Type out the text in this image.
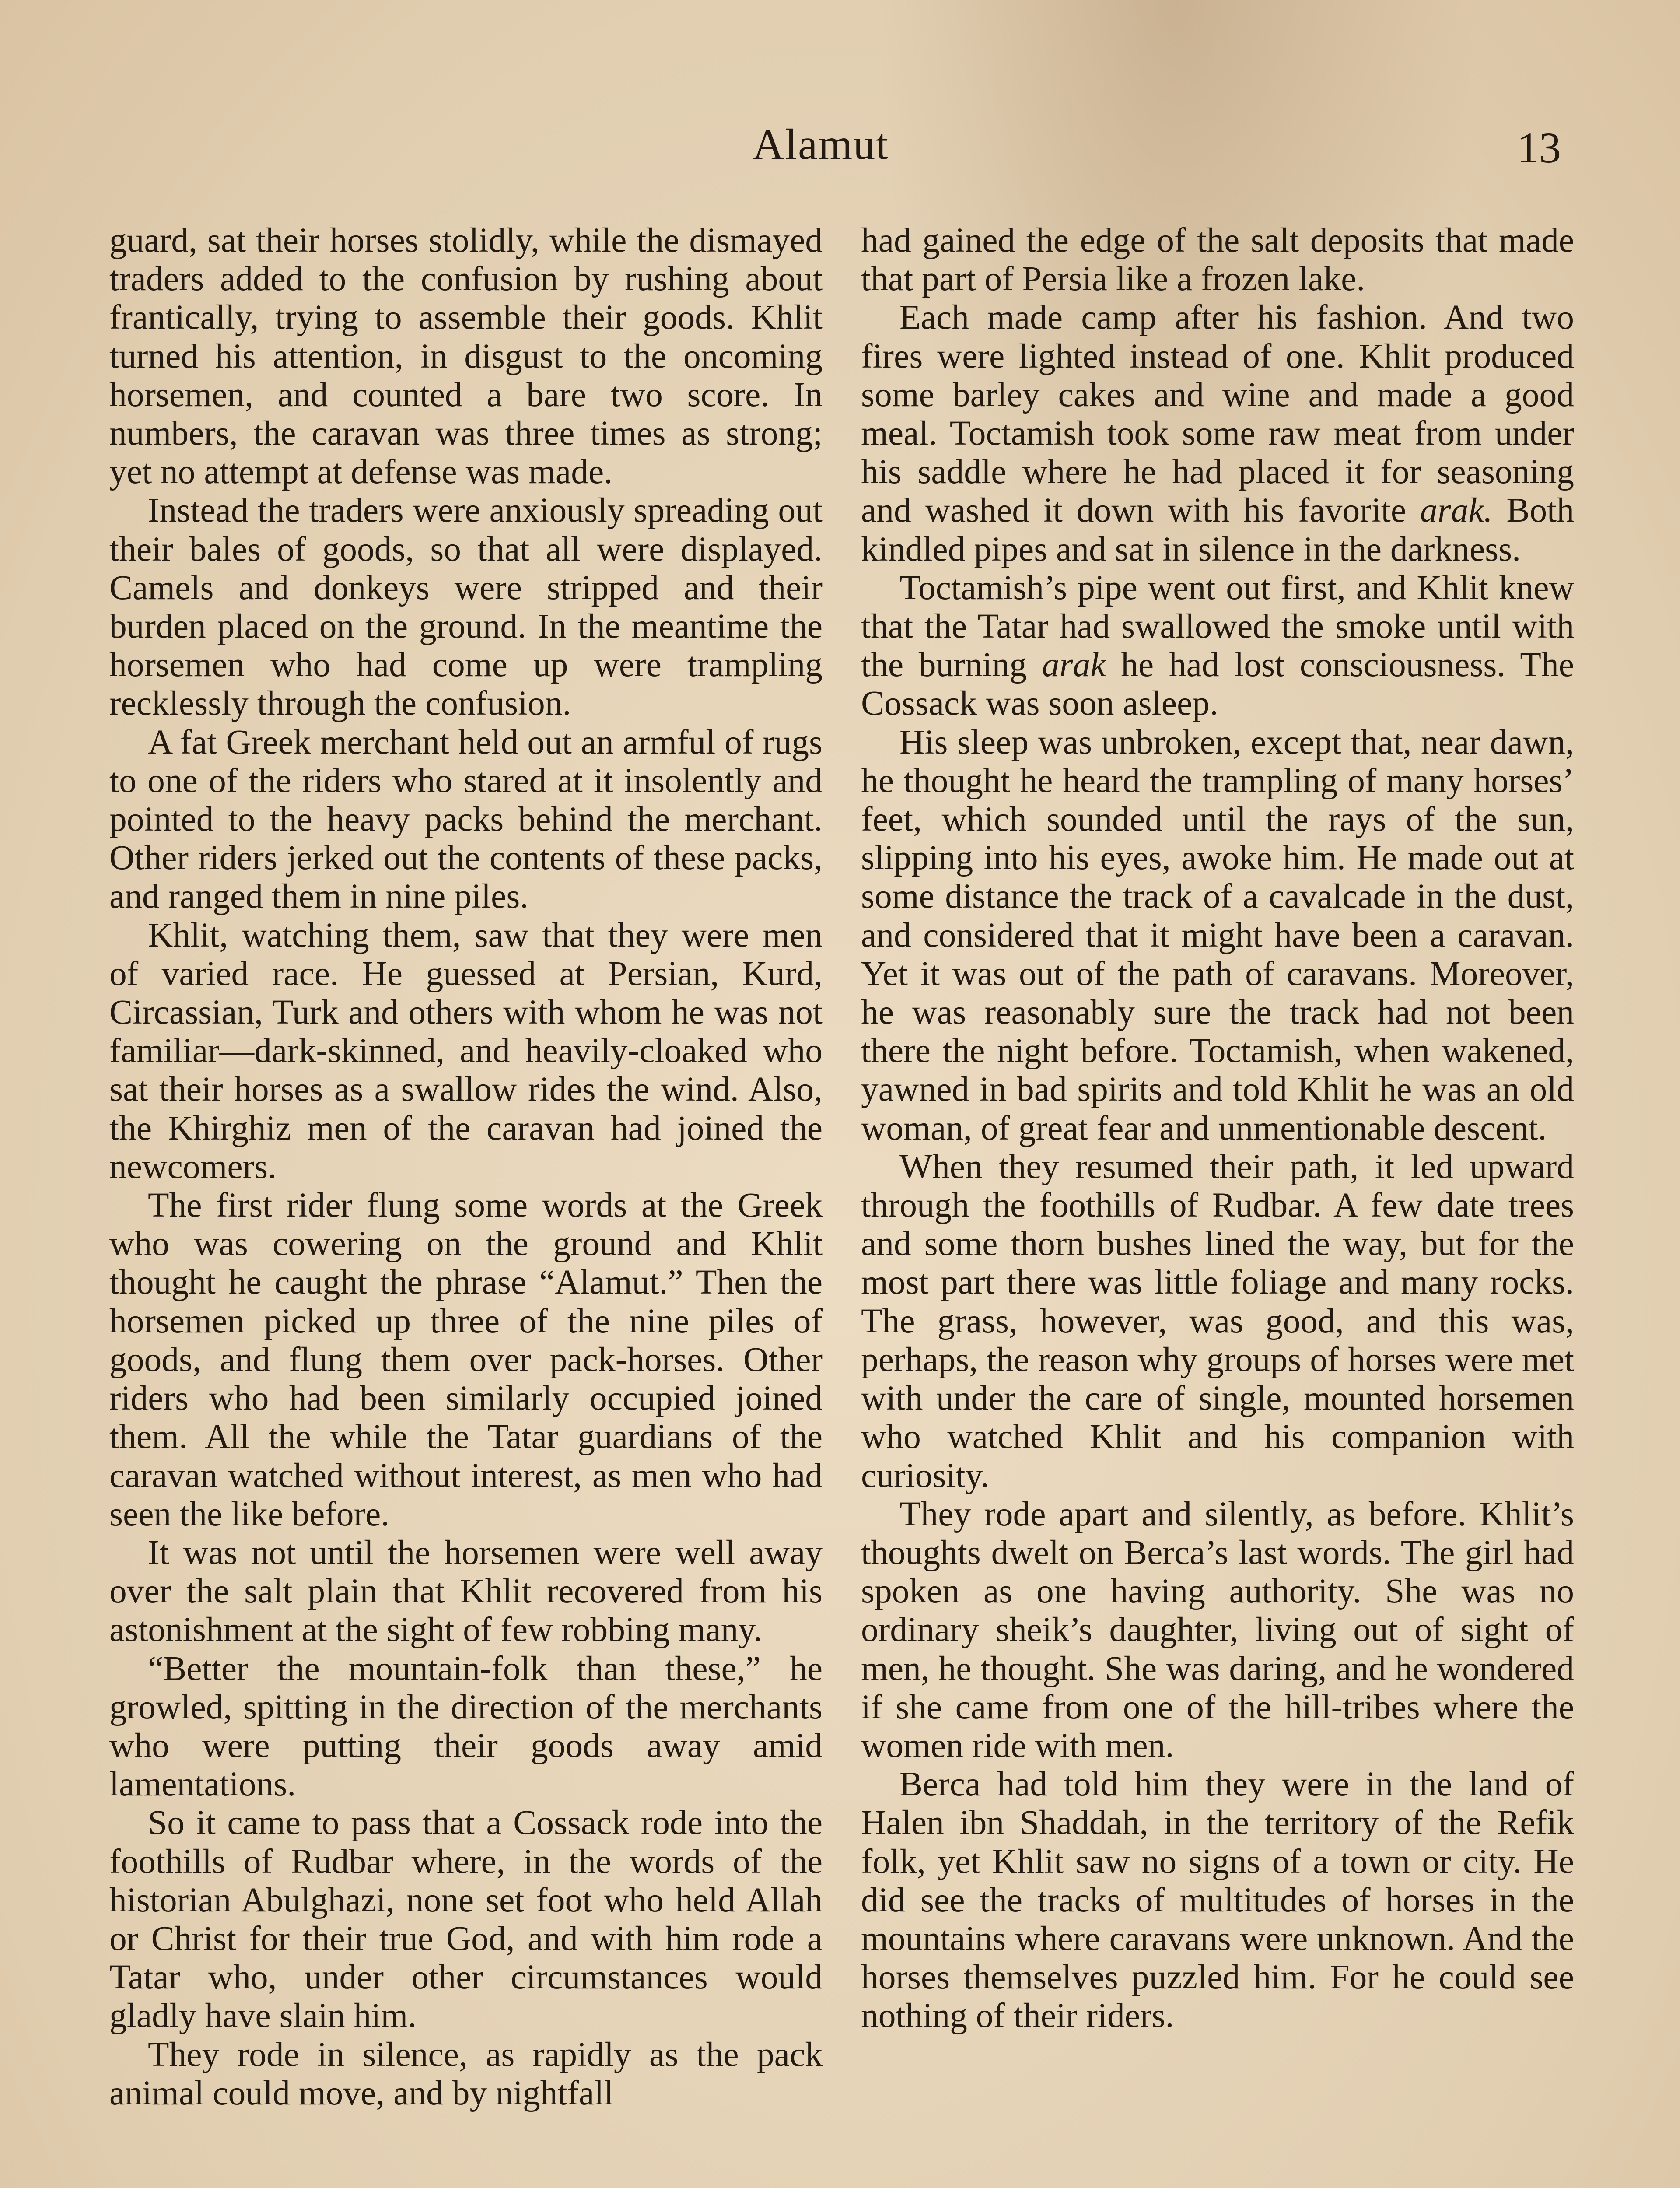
Alamut	13

guard, sat their horses stolidly, while the dismayed traders added to the confusion by rushing about frantically, trying to assemble their goods. Khlit turned his attention, in disgust to the oncoming horsemen, and counted a bare two score. In numbers, the caravan was three times as strong; yet no attempt at defense was made.

Instead the traders were anxiously spreading out their bales of goods, so that all were displayed. Camels and donkeys were stripped and their burden placed on the ground. In the meantime the horsemen who had come up were trampling recklessly through the confusion.

A fat Greek merchant held out an armful of rugs to one of the riders who stared at it insolently and pointed to the heavy packs behind the merchant. Other riders jerked out the contents of these packs, and ranged them in nine piles.

Khlit, watching them, saw that they were men of varied race. He guessed at Persian, Kurd, Circassian, Turk and others with whom he was not familiar—dark-skinned, and heavily-cloaked who sat their horses as a swallow rides the wind. Also, the Khirghiz men of the caravan had joined the newcomers.

The first rider flung some words at the Greek who was cowering on the ground and Khlit thought he caught the phrase “Alamut.” Then the horsemen picked up three of the nine piles of goods, and flung them over pack-horses. Other riders who had been similarly occupied joined them. All the while the Tatar guardians of the caravan watched without interest, as men who had seen the like before.

It was not until the horsemen were well away over the salt plain that Khlit recovered from his astonishment at the sight of few robbing many.

“Better the mountain-folk than these,” he growled, spitting in the direction of the merchants who were putting their goods away amid lamentations.

So it came to pass that a Cossack rode into the foothills of Rudbar where, in the words of the historian Abulghazi, none set foot who held Allah or Christ for their true God, and with him rode a Tatar who, under other circumstances would gladly have slain him.

They rode in silence, as rapidly as the pack animal could move, and by nightfall

had gained the edge of the salt deposits that made that part of Persia like a frozen lake.

Each made camp after his fashion. And two fires were lighted instead of one. Khlit produced some barley cakes and wine and made a good meal. Toctamish took some raw meat from under his saddle where he had placed it for seasoning and washed it down with his favorite arak. Both kindled pipes and sat in silence in the darkness.

Toctamish’s pipe went out first, and Khlit knew that the Tatar had swallowed the smoke until with the burning arak he had lost consciousness. The Cossack was soon asleep.

His sleep was unbroken, except that, near dawn, he thought he heard the trampling of many horses’ feet, which sounded until the rays of the sun, slipping into his eyes, awoke him. He made out at some distance the track of a cavalcade in the dust, and considered that it might have been a caravan. Yet it was out of the path of caravans. Moreover, he was reasonably sure the track had not been there the night before. Toctamish, when wakened, yawned in bad spirits and told Khlit he was an old woman, of great fear and unmentionable descent.

When they resumed their path, it led upward through the foothills of Rudbar. A few date trees and some thorn bushes lined the way, but for the most part there was little foliage and many rocks. The grass, however, was good, and this was, perhaps, the reason why groups of horses were met with under the care of single, mounted horsemen who watched Khlit and his companion with curiosity.

They rode apart and silently, as before. Khlit’s thoughts dwelt on Berca’s last words. The girl had spoken as one having authority. She was no ordinary sheik’s daughter, living out of sight of men, he thought. She was daring, and he wondered if she came from one of the hill-tribes where the women ride with men.

Berca had told him they were in the land of Halen ibn Shaddah, in the territory of the Refik folk, yet Khlit saw no signs of a town or city. He did see the tracks of multitudes of horses in the mountains where caravans were unknown. And the horses themselves puzzled him. For he could see nothing of their riders.
